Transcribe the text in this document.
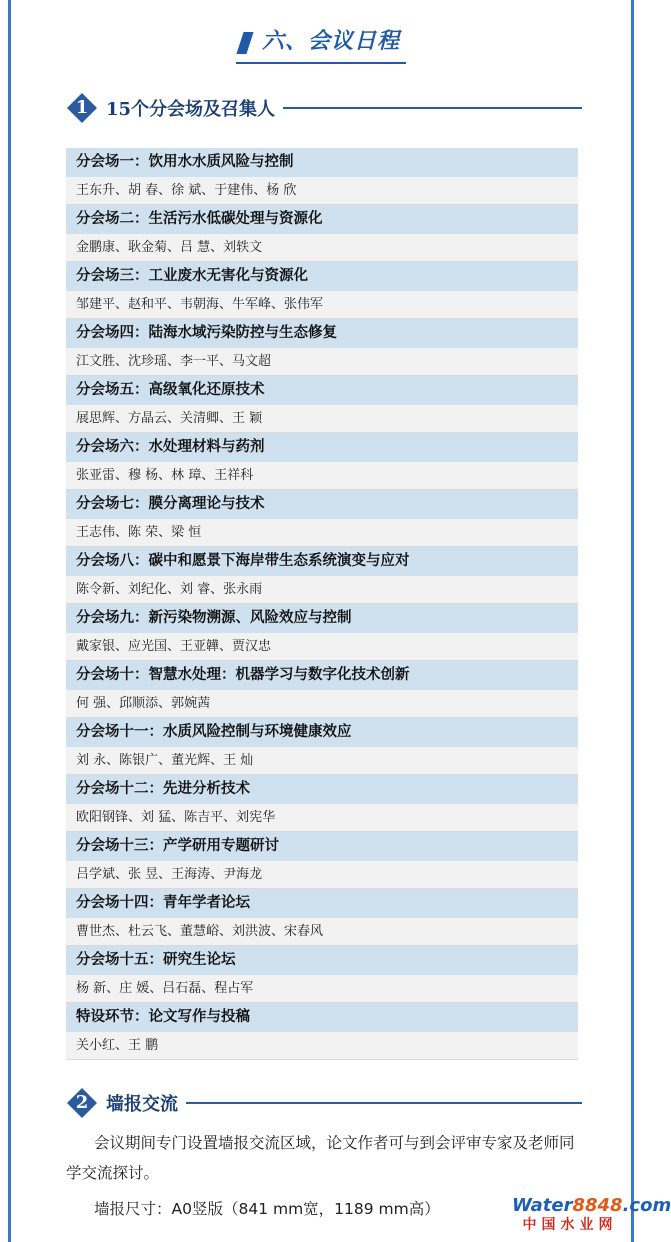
六、会议日程
1 15个分会场及召集人
分会场一：饮用水水质风险与控制
王东升、胡 春、徐 斌、于建伟、杨 欣
分会场二：生活污水低碳处理与资源化
金鹏康、耿金菊、吕 慧、刘轶文
分会场三：工业废水无害化与资源化
邹建平、赵和平、韦朝海、牛军峰、张伟军
分会场四：陆海水域污染防控与生态修复
江文胜、沈珍瑶、李一平、马文超
分会场五：高级氧化还原技术
展思辉、方晶云、关清卿、王 颖
分会场六：水处理材料与药剂
张亚雷、穆 杨、林 璋、王祥科
分会场七：膜分离理论与技术
王志伟、陈 荣、梁 恒
分会场八：碳中和愿景下海岸带生态系统演变与应对
陈令新、刘纪化、刘 睿、张永雨
分会场九：新污染物溯源、风险效应与控制
戴家银、应光国、王亚韡、贾汉忠
分会场十：智慧水处理：机器学习与数字化技术创新
何 强、邱顺添、郭婉茜
分会场十一：水质风险控制与环境健康效应
刘 永、陈银广、董光辉、王 灿
分会场十二：先进分析技术
欧阳钢锋、刘 猛、陈吉平、刘宪华
分会场十三：产学研用专题研讨
吕学斌、张 昱、王海涛、尹海龙
分会场十四：青年学者论坛
曹世杰、杜云飞、董慧峪、刘洪波、宋春风
分会场十五：研究生论坛
杨 新、庄 媛、吕石磊、程占军
特设环节：论文写作与投稿
关小红、王 鹏
2 墙报交流

会议期间专门设置墙报交流区域，论文作者可与到会评审专家及老师同学交流探讨。

墙报尺寸：A0竖版（841 mm宽，1189 mm高）	Water8848.com
中国水业网
